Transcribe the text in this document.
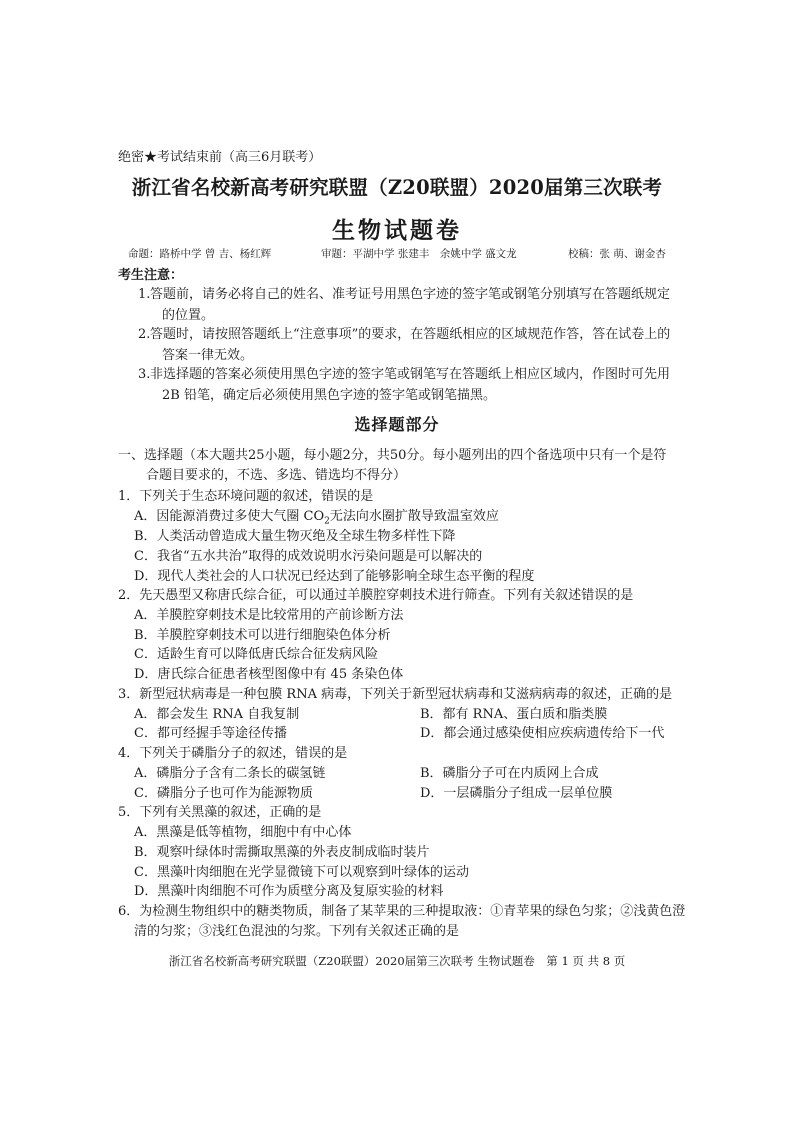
绝密★考试结束前（高三6月联考）
浙江省名校新高考研究联盟（Z20联盟）2020届第三次联考
生物试题卷
命题：路桥中学 曾 吉、杨红辉	审题：平湖中学 张建丰　余姚中学 盛文龙	校稿：张 萌、谢金杏
考生注意：
1. 答题前，请务必将自己的姓名、准考证号用黑色字迹的签字笔或钢笔分别填写在答题纸规定
的位置。
2. 答题时，请按照答题纸上“注意事项”的要求，在答题纸相应的区域规范作答，答在试卷上的
答案一律无效。
3. 非选择题的答案必须使用黑色字迹的签字笔或钢笔写在答题纸上相应区域内，作图时可先用
2B 铅笔，确定后必须使用黑色字迹的签字笔或钢笔描黑。
选择题部分
一、选择题（本大题共25小题，每小题2分，共50分。每小题列出的四个备选项中只有一个是符
合题目要求的，不选、多选、错选均不得分）
1．下列关于生态环境问题的叙述，错误的是
A．因能源消费过多使大气圈 $CO_2$无法向水圈扩散导致温室效应
B．人类活动曾造成大量生物灭绝及全球生物多样性下降
C．我省“五水共治”取得的成效说明水污染问题是可以解决的
D．现代人类社会的人口状况已经达到了能够影响全球生态平衡的程度
2．先天愚型又称唐氏综合征，可以通过羊膜腔穿刺技术进行筛查。下列有关叙述错误的是
A．羊膜腔穿刺技术是比较常用的产前诊断方法
B．羊膜腔穿刺技术可以进行细胞染色体分析
C．适龄生育可以降低唐氏综合征发病风险
D．唐氏综合征患者核型图像中有 45 条染色体
3．新型冠状病毒是一种包膜 RNA 病毒，下列关于新型冠状病毒和艾滋病病毒的叙述，正确的是
A．都会发生 RNA 自我复制	B．都有 RNA、蛋白质和脂类膜
C．都可经握手等途径传播	D．都会通过感染使相应疾病遗传给下一代
4．下列关于磷脂分子的叙述，错误的是
A．磷脂分子含有二条长的碳氢链	B．磷脂分子可在内质网上合成
C．磷脂分子也可作为能源物质	D．一层磷脂分子组成一层单位膜
5．下列有关黑藻的叙述，正确的是
A．黑藻是低等植物，细胞中有中心体
B．观察叶绿体时需撕取黑藻的外表皮制成临时装片
C．黑藻叶肉细胞在光学显微镜下可以观察到叶绿体的运动
D．黑藻叶肉细胞不可作为质壁分离及复原实验的材料
6．为检测生物组织中的糖类物质，制备了某苹果的三种提取液：①青苹果的绿色匀浆；②浅黄色澄
清的匀浆；③浅红色混浊的匀浆。下列有关叙述正确的是
浙江省名校新高考研究联盟（Z20联盟）2020届第三次联考 生物试题卷　第 1 页 共 8 页
